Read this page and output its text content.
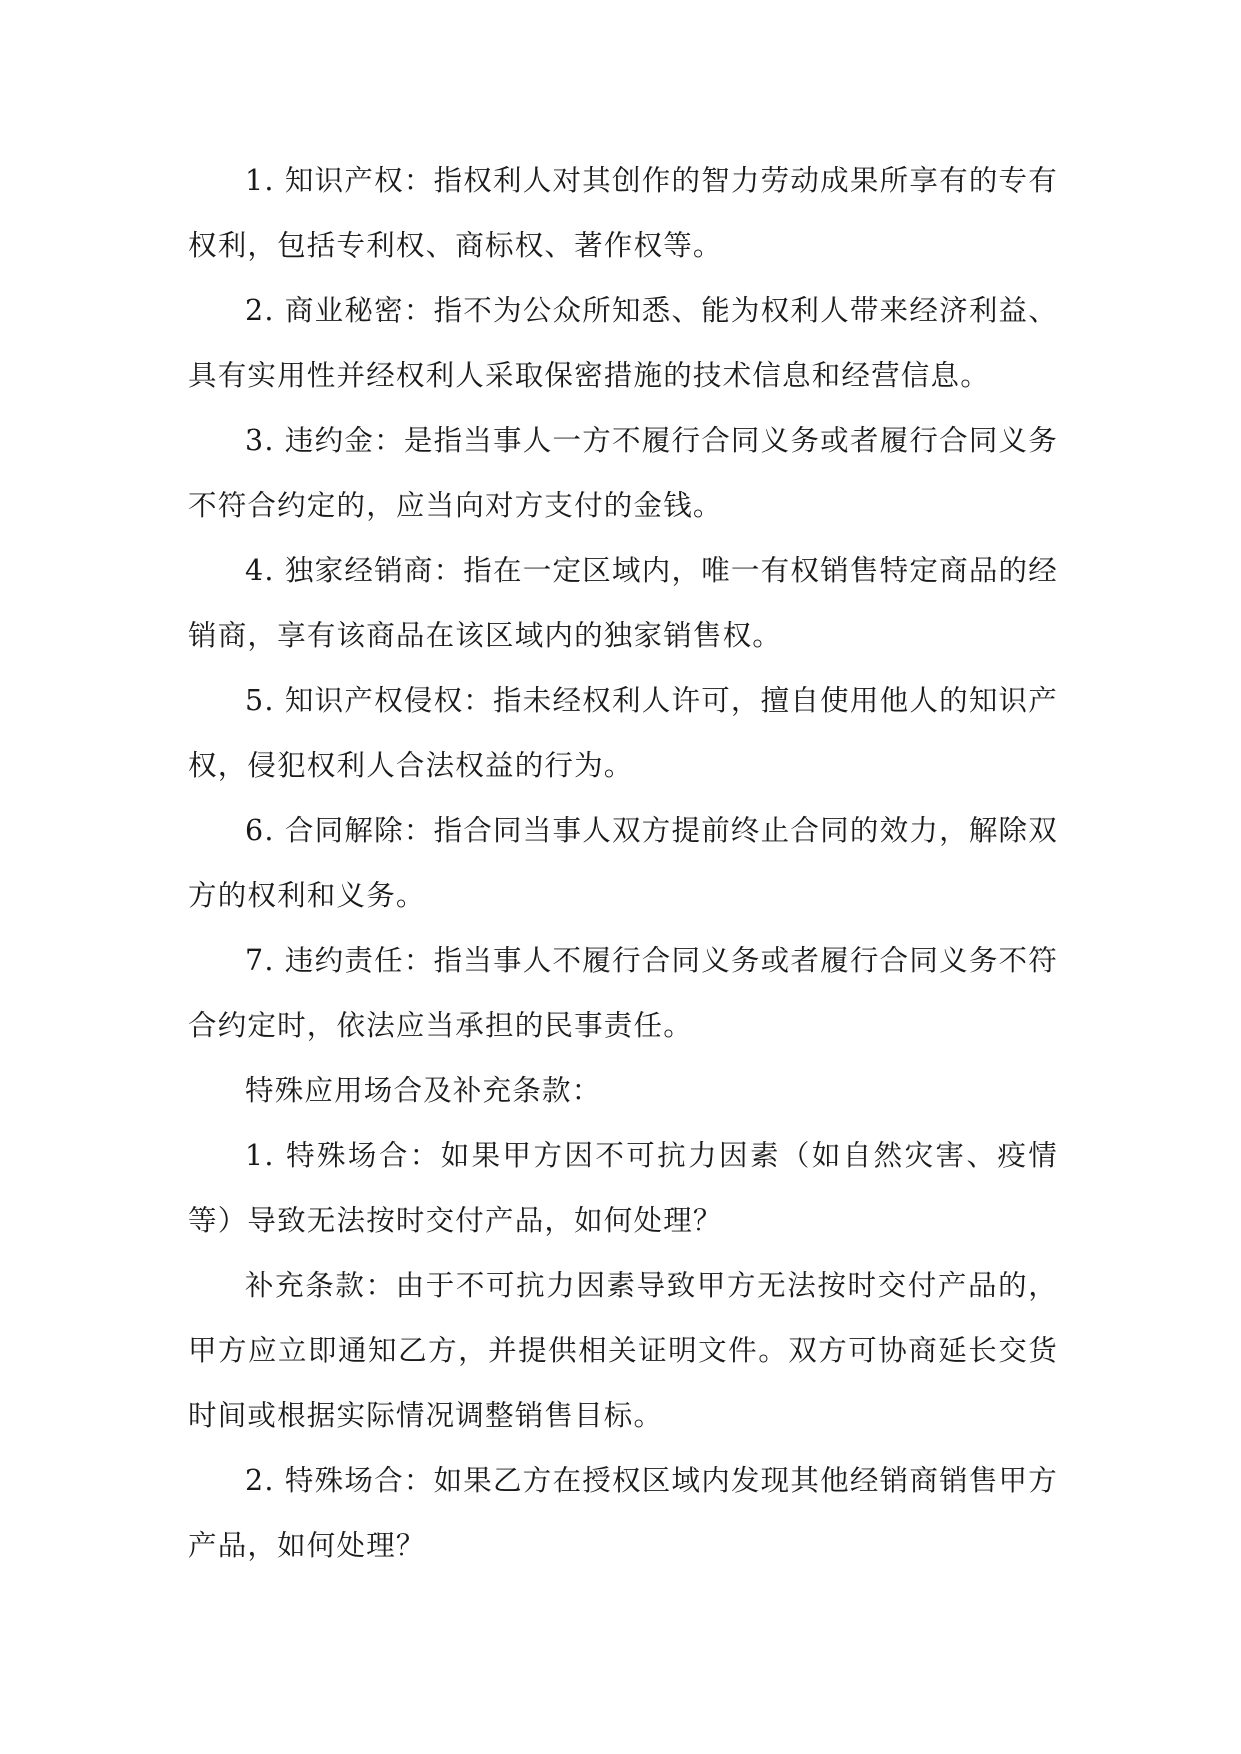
1. 知识产权：指权利人对其创作的智力劳动成果所享有的专有权利，包括专利权、商标权、著作权等。

2. 商业秘密：指不为公众所知悉、能为权利人带来经济利益、具有实用性并经权利人采取保密措施的技术信息和经营信息。

3. 违约金：是指当事人一方不履行合同义务或者履行合同义务不符合约定的，应当向对方支付的金钱。

4. 独家经销商：指在一定区域内，唯一有权销售特定商品的经销商，享有该商品在该区域内的独家销售权。

5. 知识产权侵权：指未经权利人许可，擅自使用他人的知识产权，侵犯权利人合法权益的行为。

6. 合同解除：指合同当事人双方提前终止合同的效力，解除双方的权利和义务。

7. 违约责任：指当事人不履行合同义务或者履行合同义务不符合约定时，依法应当承担的民事责任。

特殊应用场合及补充条款：

1. 特殊场合：如果甲方因不可抗力因素（如自然灾害、疫情等）导致无法按时交付产品，如何处理？

补充条款：由于不可抗力因素导致甲方无法按时交付产品的，甲方应立即通知乙方，并提供相关证明文件。双方可协商延长交货时间或根据实际情况调整销售目标。

2. 特殊场合：如果乙方在授权区域内发现其他经销商销售甲方产品，如何处理？
